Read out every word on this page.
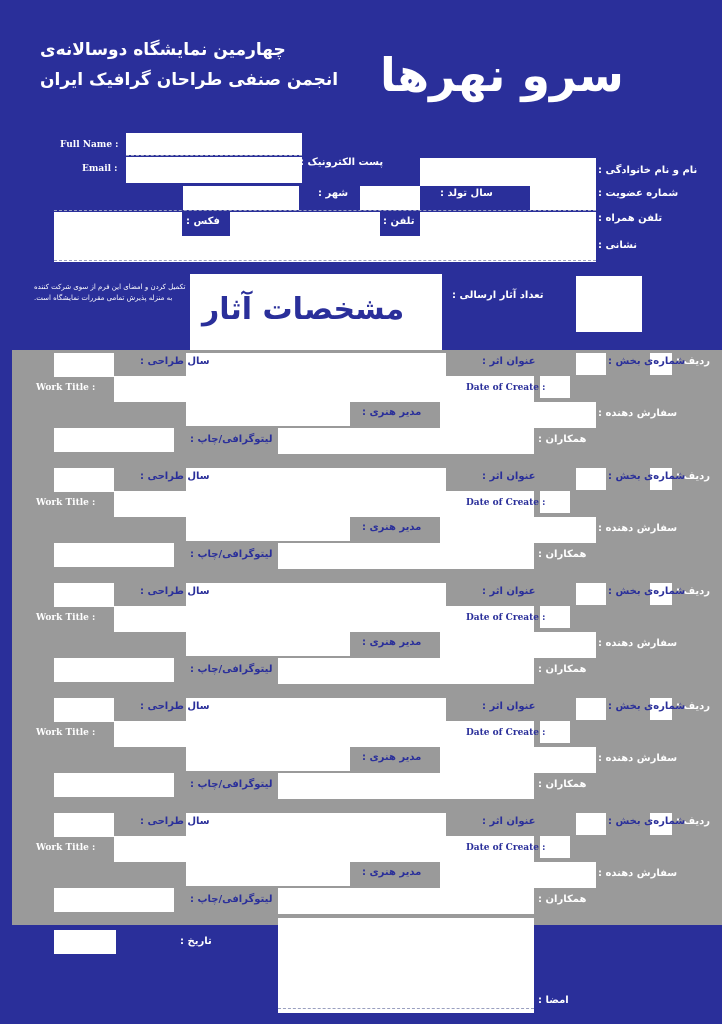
سرو نهرها
چهارمین نمایشگاه دوسالانه‌ی
انجمن صنفی طراحان گرافیک ایران
Full Name :
Email :
پست الکترونیک :
نام و نام خانوادگی :
شماره عضویت :
سال تولد :
شهر :
تلفن همراه :
تلفن :
فکس :
نشانی :
تکمیل کردن و امضای این فرم از سوی شرکت کننده
به منزله پذیرش تمامی مقررات نمایشگاه است. مشخصات آثار	تعداد آثار ارسالی :
ردیف :
شماره‌ی بخش :
عنوان اثر :
سال طراحی :
Work Title :	Date of Create :
سفارش دهنده :
مدیر هنری :
همکاران :
لیتوگرافی/چاپ :
ردیف :
شماره‌ی بخش :
عنوان اثر :
سال طراحی :
Work Title :	Date of Create :
سفارش دهنده :
مدیر هنری :
همکاران :
لیتوگرافی/چاپ :
ردیف :
شماره‌ی بخش :
عنوان اثر :
سال طراحی :
Work Title :	Date of Create :
سفارش دهنده :
مدیر هنری :
همکاران :
لیتوگرافی/چاپ :
ردیف :
شماره‌ی بخش :
عنوان اثر :
سال طراحی :
Work Title :	Date of Create :
سفارش دهنده :
مدیر هنری :
همکاران :
لیتوگرافی/چاپ :
ردیف :
شماره‌ی بخش :
عنوان اثر :
سال طراحی :
Work Title :	Date of Create :
سفارش دهنده :
مدیر هنری :
همکاران :
لیتوگرافی/چاپ :
تاریخ :
امضا :
